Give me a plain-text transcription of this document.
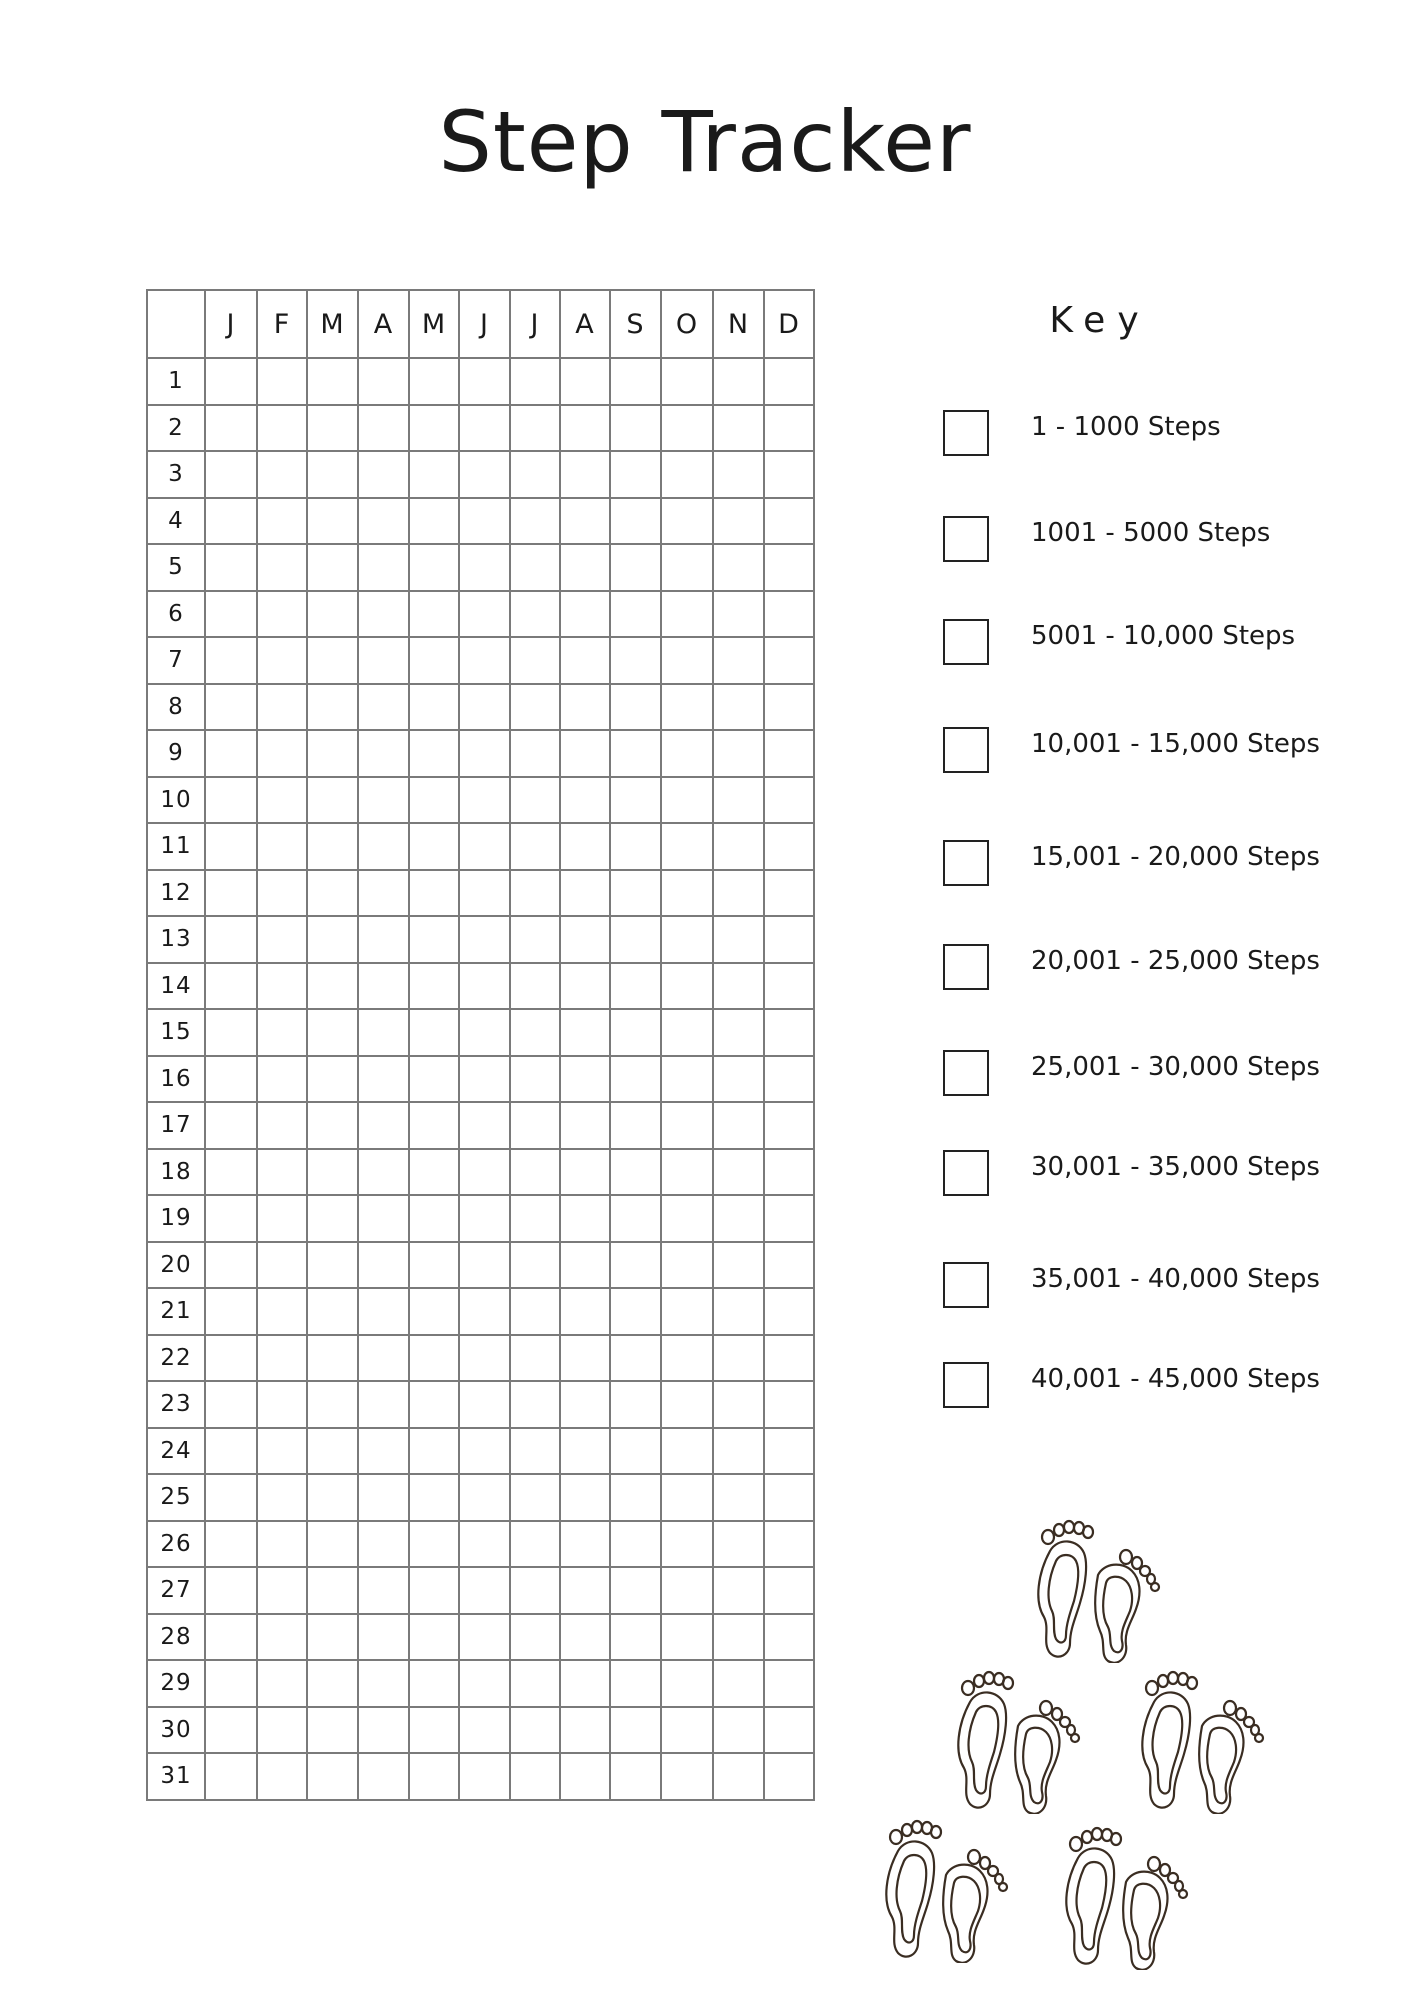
Step Tracker
	J	F	M	A	M	J	J	A	S	O	N	D
1												
2												
3												
4												
5												
6												
7												
8												
9												
10												
11												
12												
13												
14												
15												
16												
17												
18												
19												
20												
21												
22												
23												
24												
25												
26												
27												
28												
29												
30												
31												
Key
1 - 1000 Steps
1001 - 5000 Steps
5001 - 10,000 Steps
10,001 - 15,000 Steps
15,001 - 20,000 Steps
20,001 - 25,000 Steps
25,001 - 30,000 Steps
30,001 - 35,000 Steps
35,001 - 40,000 Steps
40,001 - 45,000 Steps
